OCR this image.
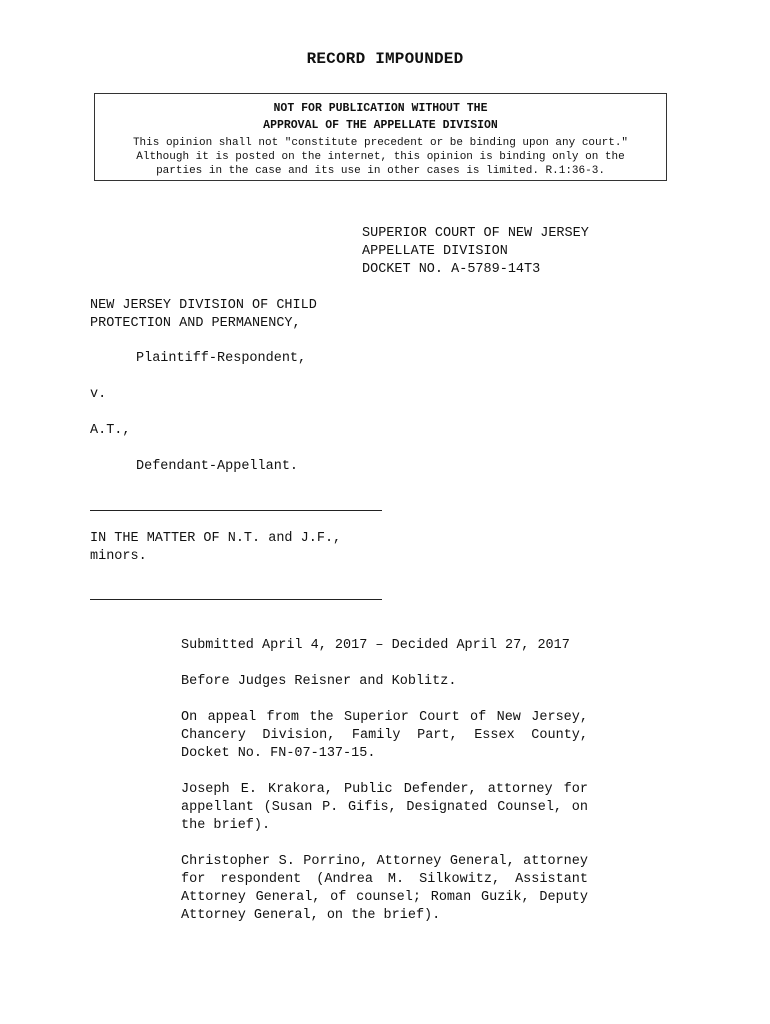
RECORD IMPOUNDED
NOT FOR PUBLICATION WITHOUT THE
APPROVAL OF THE APPELLATE DIVISION
This opinion shall not "constitute precedent or be binding upon any court."
Although it is posted on the internet, this opinion is binding only on the
parties in the case and its use in other cases is limited. R.1:36-3.
SUPERIOR COURT OF NEW JERSEY
APPELLATE DIVISION
DOCKET NO. A-5789-14T3
NEW JERSEY DIVISION OF CHILD
PROTECTION AND PERMANENCY,
Plaintiff-Respondent,
v.
A.T.,
Defendant-Appellant.
IN THE MATTER OF N.T. and J.F.,
minors.
Submitted April 4, 2017 – Decided April 27, 2017
Before Judges Reisner and Koblitz.
On appeal from the Superior Court of New Jersey, Chancery Division, Family Part, Essex County, Docket No. FN-07-137-15.
Joseph E. Krakora, Public Defender, attorney for appellant (Susan P. Gifis, Designated Counsel, on the brief).
Christopher S. Porrino, Attorney General, attorney for respondent (Andrea M. Silkowitz, Assistant Attorney General, of counsel; Roman Guzik, Deputy Attorney General, on the brief).
